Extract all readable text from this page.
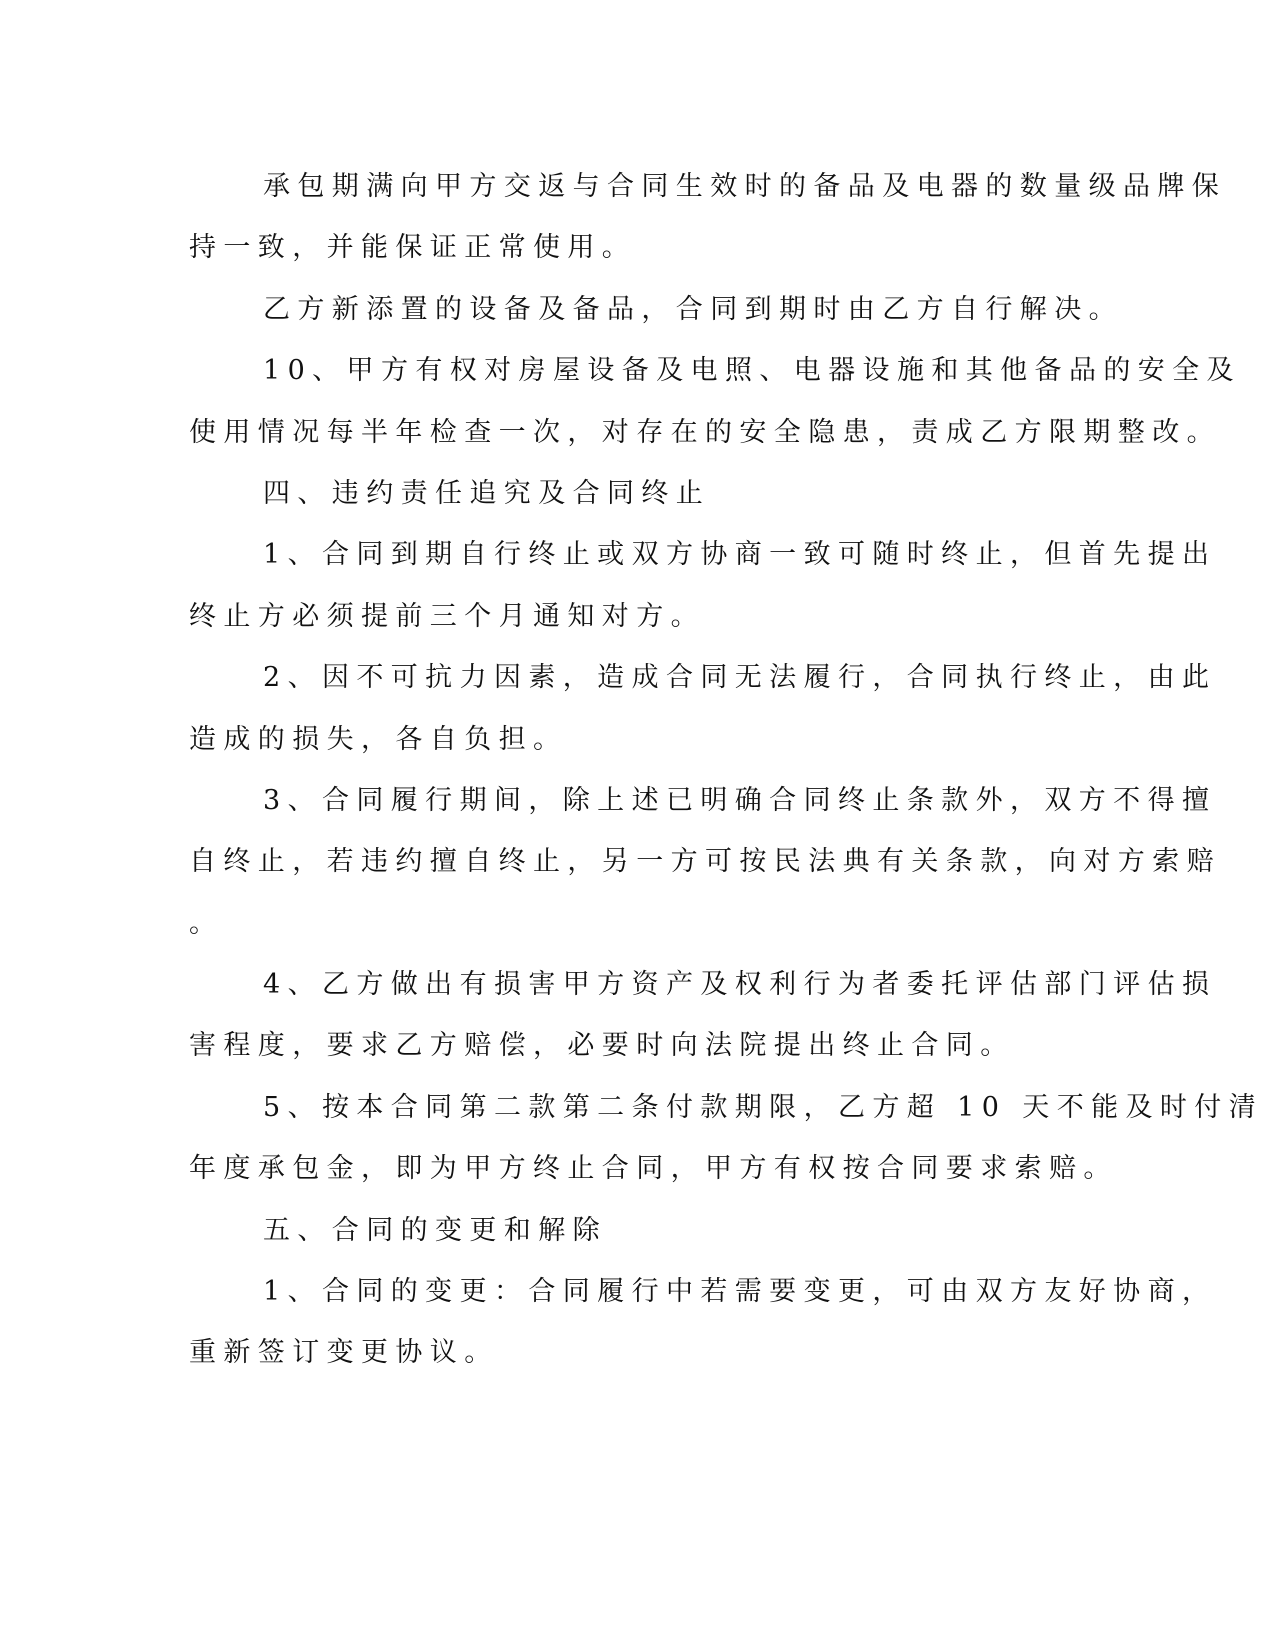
承包期满向甲方交返与合同生效时的备品及电器的数量级品牌保
持一致，并能保证正常使用。
乙方新添置的设备及备品，合同到期时由乙方自行解决。
10、甲方有权对房屋设备及电照、电器设施和其他备品的安全及
使用情况每半年检查一次，对存在的安全隐患，责成乙方限期整改。
四、违约责任追究及合同终止
1、合同到期自行终止或双方协商一致可随时终止，但首先提出
终止方必须提前三个月通知对方。
2、因不可抗力因素，造成合同无法履行，合同执行终止，由此
造成的损失，各自负担。
3、合同履行期间，除上述已明确合同终止条款外，双方不得擅
自终止，若违约擅自终止，另一方可按民法典有关条款，向对方索赔
。
4、乙方做出有损害甲方资产及权利行为者委托评估部门评估损
害程度，要求乙方赔偿，必要时向法院提出终止合同。
5、按本合同第二款第二条付款期限，乙方超 10 天不能及时付清
年度承包金，即为甲方终止合同，甲方有权按合同要求索赔。
五、合同的变更和解除
1、合同的变更：合同履行中若需要变更，可由双方友好协商，
重新签订变更协议。
